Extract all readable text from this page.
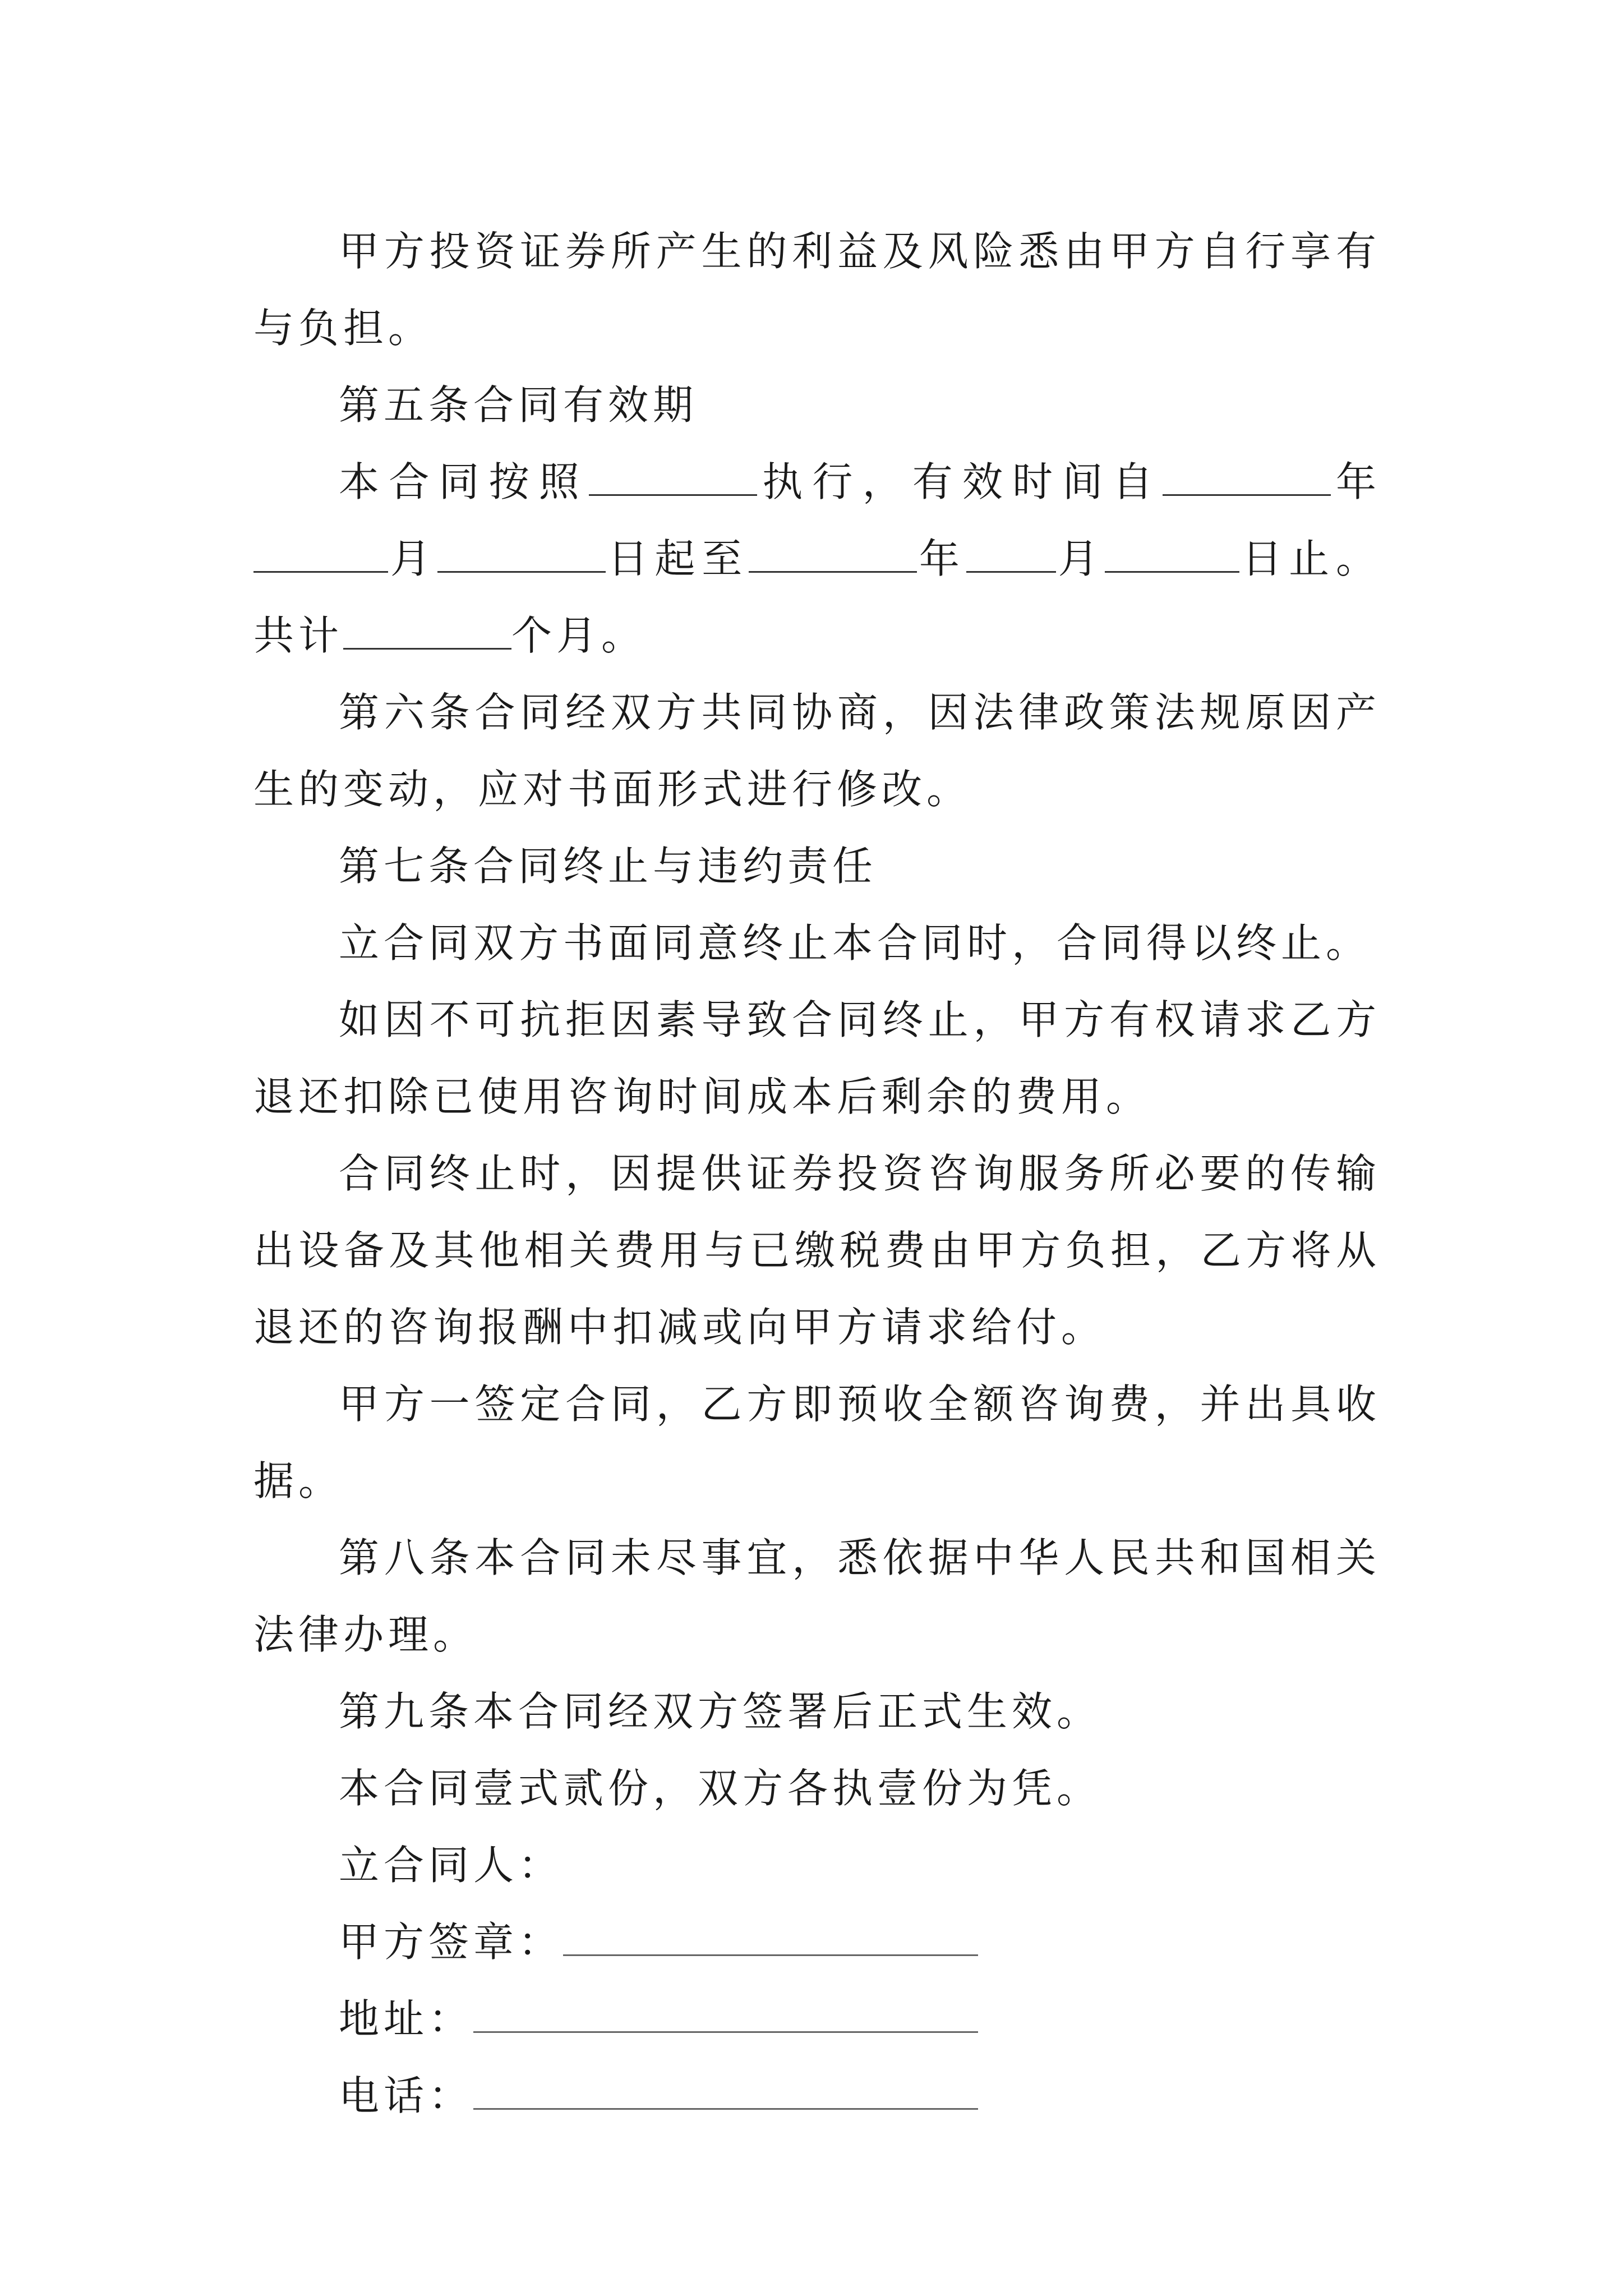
甲方投资证券所产生的利益及风险悉由甲方自行享有与负担。

第五条合同有效期

本合同按照	执行，有效时间自	年月	日起至	年 月	日止。共计	个月。

第六条合同经双方共同协商，因法律政策法规原因产生的变动，应对书面形式进行修改。

第七条合同终止与违约责任

立合同双方书面同意终止本合同时，合同得以终止。

如因不可抗拒因素导致合同终止，甲方有权请求乙方退还扣除已使用咨询时间成本后剩余的费用。

合同终止时，因提供证券投资咨询服务所必要的传输出设备及其他相关费用与已缴税费由甲方负担，乙方将从退还的咨询报酬中扣减或向甲方请求给付。

甲方一签定合同，乙方即预收全额咨询费，并出具收据。

第八条本合同未尽事宜，悉依据中华人民共和国相关法律办理。

第九条本合同经双方签署后正式生效。

本合同壹式贰份，双方各执壹份为凭。

立合同人：

甲方签章：

地址：

电话：
